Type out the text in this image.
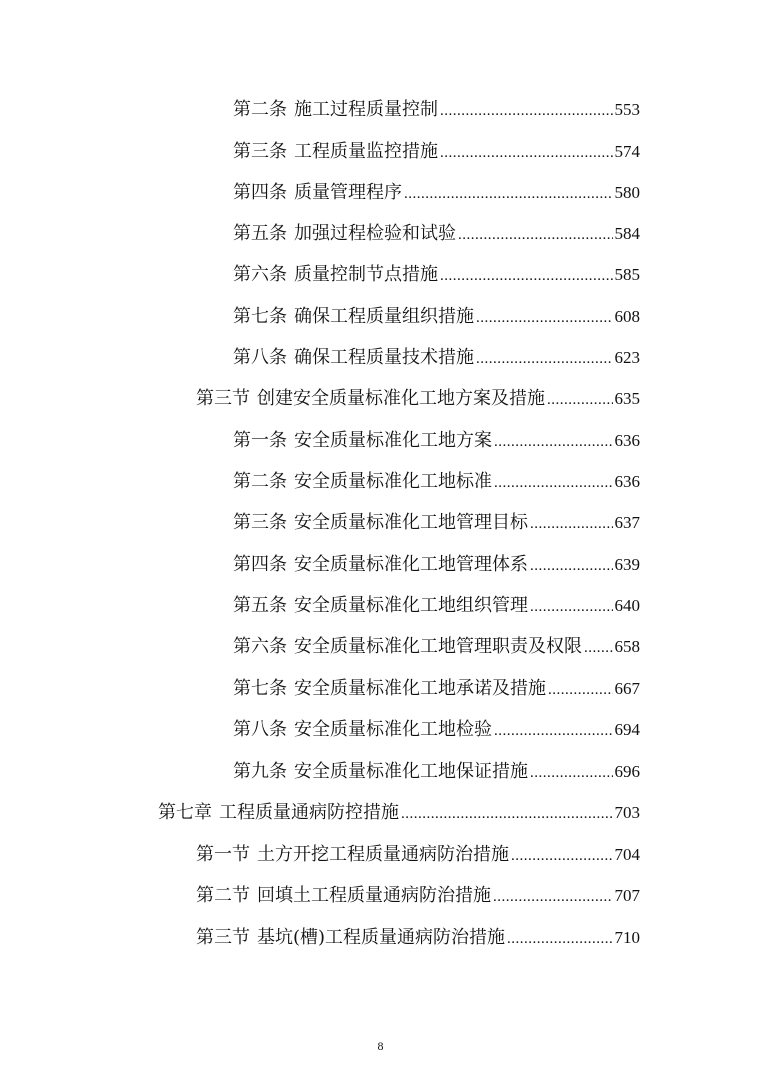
第二条 施工过程质量控制 .....	553
第三条 工程质量监控措施 .....	574
第四条 质量管理程序 .....	580
第五条 加强过程检验和试验 .....	584
第六条 质量控制节点措施 .....	585
第七条 确保工程质量组织措施 .....	608
第八条 确保工程质量技术措施 .....	623
第三节 创建安全质量标准化工地方案及措施 .....	635
第一条 安全质量标准化工地方案 .....	636
第二条 安全质量标准化工地标准 .....	636
第三条 安全质量标准化工地管理目标 .....	637
第四条 安全质量标准化工地管理体系 .....	639
第五条 安全质量标准化工地组织管理 .....	640
第六条 安全质量标准化工地管理职责及权限 ..... 658
第七条 安全质量标准化工地承诺及措施 .....	667
第八条 安全质量标准化工地检验 .....	694
第九条 安全质量标准化工地保证措施 .....	696
第七章 工程质量通病防控措施 .....	703
第一节 土方开挖工程质量通病防治措施 .....	704
第二节 回填土工程质量通病防治措施 .....	707
第三节 基坑(槽)工程质量通病防治措施 .....	710
8
